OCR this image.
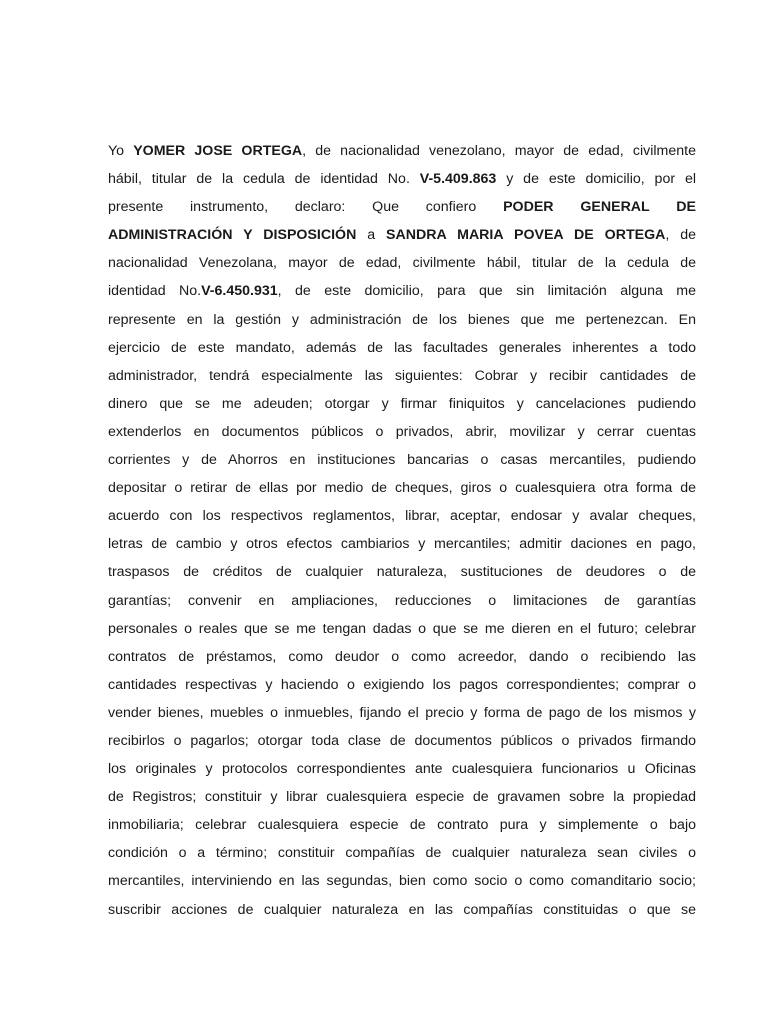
Yo YOMER JOSE ORTEGA, de nacionalidad venezolano, mayor de edad, civilmente
hábil, titular de la cedula de identidad No. V-5.409.863 y de este domicilio, por el
presente instrumento, declaro: Que confiero PODER GENERAL DE
ADMINISTRACIÓN Y DISPOSICIÓN a SANDRA MARIA POVEA DE ORTEGA, de
nacionalidad Venezolana, mayor de edad, civilmente hábil, titular de la cedula de
identidad No.V-6.450.931, de este domicilio, para que sin limitación alguna me
represente en la gestión y administración de los bienes que me pertenezcan. En
ejercicio de este mandato, además de las facultades generales inherentes a todo
administrador, tendrá especialmente las siguientes: Cobrar y recibir cantidades de
dinero que se me adeuden; otorgar y firmar finiquitos y cancelaciones pudiendo
extenderlos en documentos públicos o privados, abrir, movilizar y cerrar cuentas
corrientes y de Ahorros en instituciones bancarias o casas mercantiles, pudiendo
depositar o retirar de ellas por medio de cheques, giros o cualesquiera otra forma de
acuerdo con los respectivos reglamentos, librar, aceptar, endosar y avalar cheques,
letras de cambio y otros efectos cambiarios y mercantiles; admitir daciones en pago,
traspasos de créditos de cualquier naturaleza, sustituciones de deudores o de
garantías; convenir en ampliaciones, reducciones o limitaciones de garantías
personales o reales que se me tengan dadas o que se me dieren en el futuro; celebrar
contratos de préstamos, como deudor o como acreedor, dando o recibiendo las
cantidades respectivas y haciendo o exigiendo los pagos correspondientes; comprar o
vender bienes, muebles o inmuebles, fijando el precio y forma de pago de los mismos y
recibirlos o pagarlos; otorgar toda clase de documentos públicos o privados firmando
los originales y protocolos correspondientes ante cualesquiera funcionarios u Oficinas
de Registros; constituir y librar cualesquiera especie de gravamen sobre la propiedad
inmobiliaria; celebrar cualesquiera especie de contrato pura y simplemente o bajo
condición o a término; constituir compañías de cualquier naturaleza sean civiles o
mercantiles, interviniendo en las segundas, bien como socio o como comanditario socio;
suscribir acciones de cualquier naturaleza en las compañías constituidas o que se
